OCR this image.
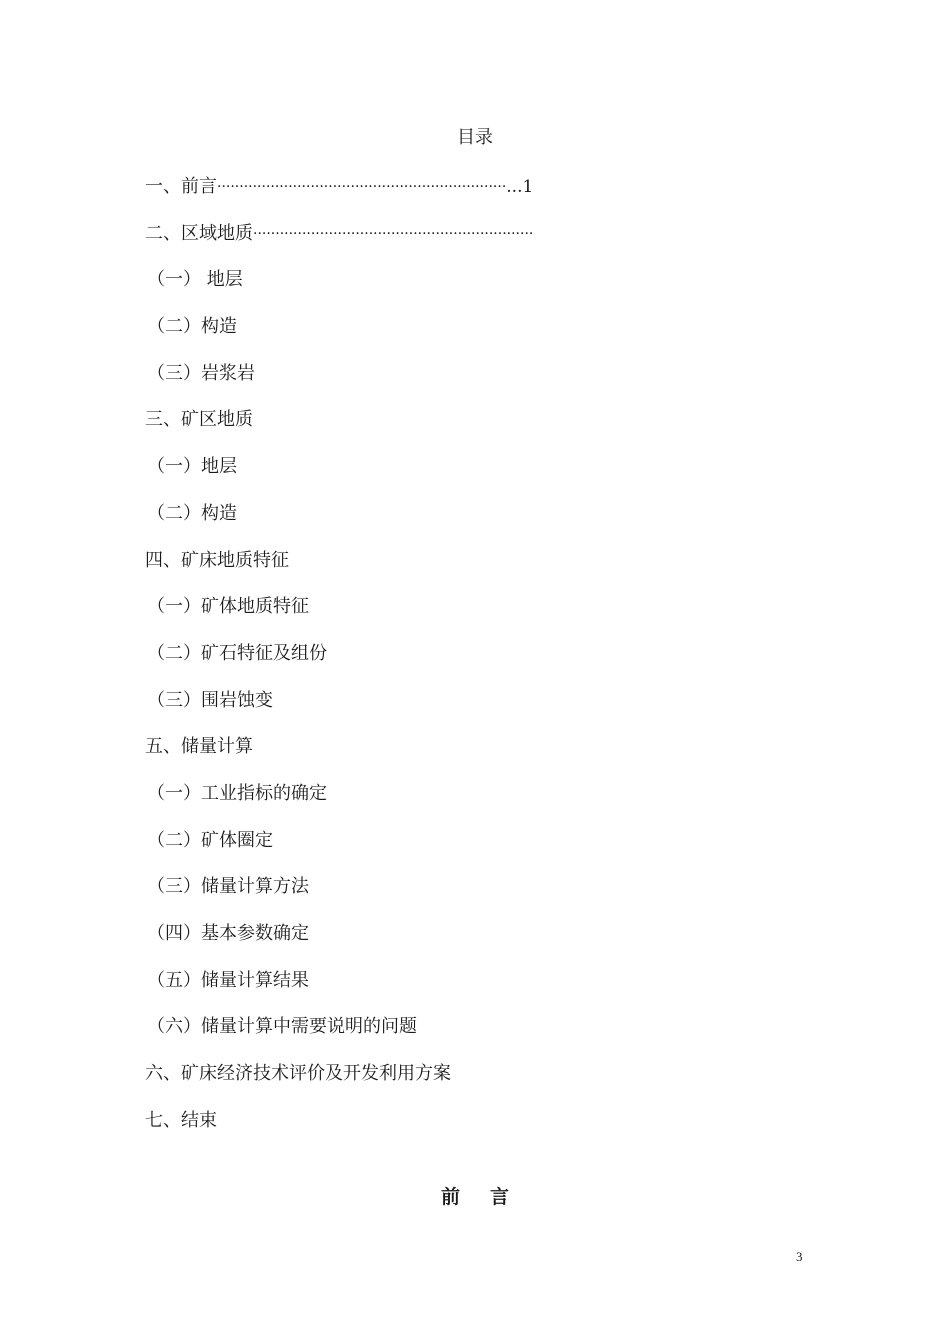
目录
一、前言 ································································· ...1
二、区域地质 ·······························································
（一） 地层
（二）构造
（三）岩浆岩
三、矿区地质
（一）地层
（二）构造
四、矿床地质特征
（一）矿体地质特征
（二）矿石特征及组份
（三）围岩蚀变
五、储量计算
（一）工业指标的确定
（二）矿体圈定
（三）储量计算方法
（四）基本参数确定
（五）储量计算结果
（六）储量计算中需要说明的问题
六、矿床经济技术评价及开发利用方案
七、结束
前言
3
